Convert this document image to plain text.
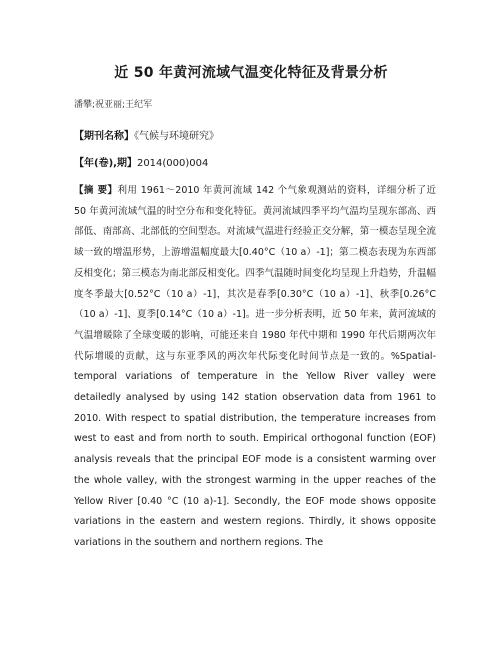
近 50 年黄河流域气温变化特征及背景分析
潘攀;祝亚丽;王纪军
【期刊名称】《气候与环境研究》
【年(卷),期】2014(000)004
【摘 要】利用 1961～2010 年黄河流域 142 个气象观测站的资料，详细分析了近 50 年黄河流域气温的时空分布和变化特征。黄河流域四季平均气温均呈现东部高、西部低、南部高、北部低的空间型态。对流域气温进行经验正交分解，第一模态呈现全流域一致的增温形势，上游增温幅度最大[0.40°C（10 a）-1]；第二模态表现为东西部反相变化；第三模态为南北部反相变化。四季气温随时间变化均呈现上升趋势，升温幅度冬季最大[0.52°C（10 a）-1]，其次是春季[0.30°C（10 a）-1]、秋季[0.26°C（10 a）-1]、夏季[0.14°C（10 a）-1]。进一步分析表明，近 50 年来，黄河流域的气温增暖除了全球变暖的影响，可能还来自 1980 年代中期和 1990 年代后期两次年代际增暖的贡献，这与东亚季风的两次年代际变化时间节点是一致的。%Spatial-temporal variations of temperature in the Yellow River valley were detailedly analysed by using 142 station observation data from 1961 to 2010. With respect to spatial distribution, the temperature increases from west to east and from north to south. Empirical orthogonal function (EOF) analysis reveals that the principal EOF mode is a consistent warming over the whole valley, with the strongest warming in the upper reaches of the Yellow River [0.40 °C (10 a)-1]. Secondly, the EOF mode shows opposite variations in the eastern and western regions. Thirdly, it shows opposite variations in the southern and northern regions. The
